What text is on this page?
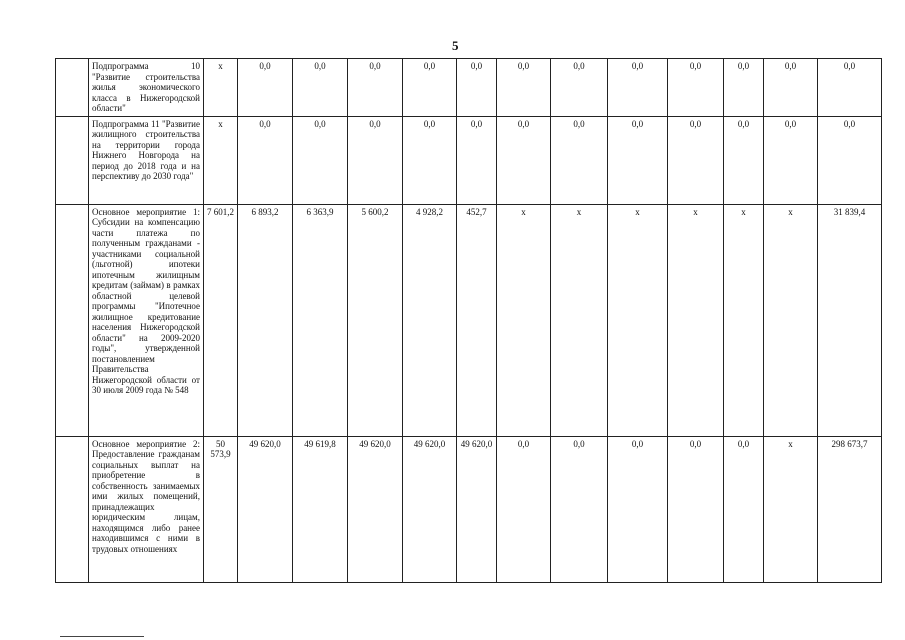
5
	Подпрограмма 10 "Развитие строительства жилья экономического класса в Нижегородской области"	x	0,0	0,0	0,0	0,0	0,0	0,0	0,0	0,0	0,0	0,0	0,0	0,0
	Подпрограмма 11 "Развитие жилищного строительства на территории города Нижнего Новгорода на период до 2018 года и на перспективу до 2030 года"	x	0,0	0,0	0,0	0,0	0,0	0,0	0,0	0,0	0,0	0,0	0,0	0,0
	Основное мероприятие 1: Субсидии на компенсацию части платежа по полученным гражданами - участниками социальной (льготной) ипотеки ипотечным жилищным кредитам (займам) в рамках областной целевой программы "Ипотечное жилищное кредитование населения Нижегородской области" на 2009-2020 годы", утвержденной постановлением Правительства Нижегородской области от 30 июля 2009 года № 548	7 601,2	6 893,2	6 363,9	5 600,2	4 928,2	452,7	x	x	x	x	x	x	31 839,4
	Основное мероприятие 2: Предоставление гражданам социальных выплат на приобретение в собственность занимаемых ими жилых помещений, принадлежащих юридическим лицам, находящимся либо ранее находившимся с ними в трудовых отношениях	50 573,9	49 620,0	49 619,8	49 620,0	49 620,0	49 620,0	0,0	0,0	0,0	0,0	0,0	x	298 673,7
